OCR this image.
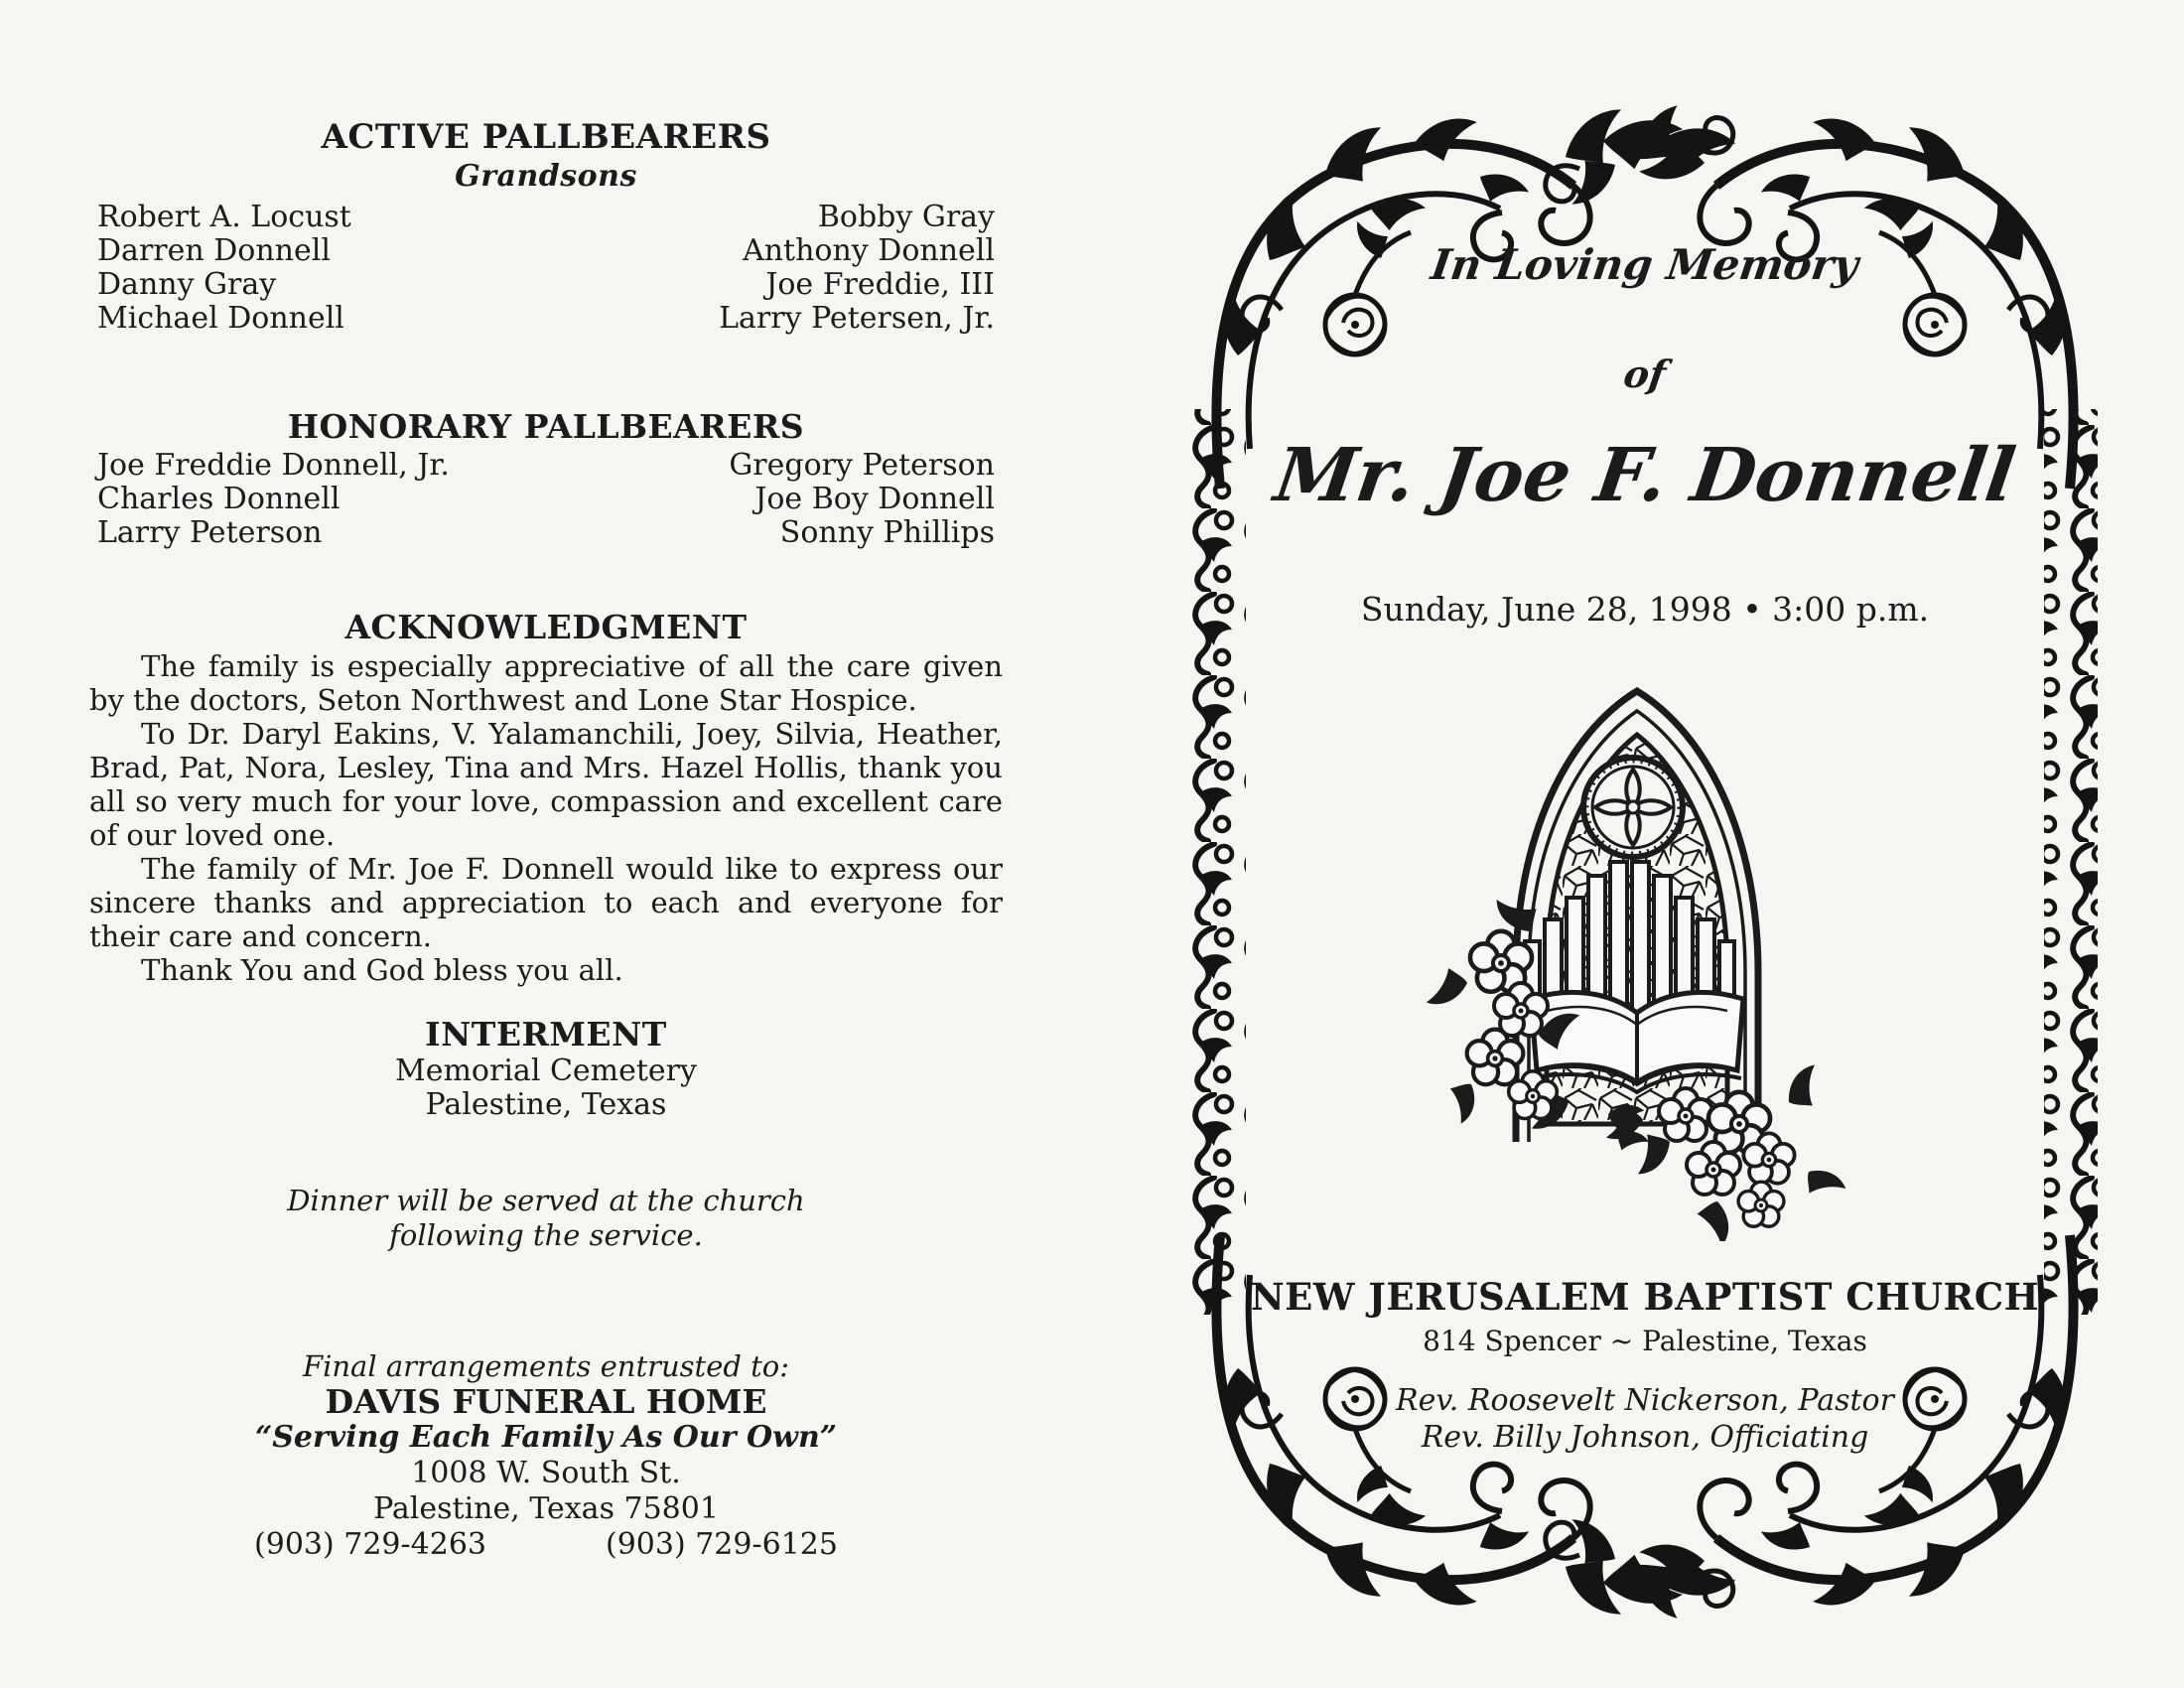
ACTIVE PALLBEARERS
Grandsons
Robert A. Locust
Darren Donnell
Danny Gray
Michael Donnell
Bobby Gray
Anthony Donnell
Joe Freddie, III
Larry Petersen, Jr.
HONORARY PALLBEARERS
Joe Freddie Donnell, Jr.
Charles Donnell
Larry Peterson
Gregory Peterson
Joe Boy Donnell
Sonny Phillips
ACKNOWLEDGMENT

The family is especially appreciative of all the care given by the doctors, Seton Northwest and Lone Star Hospice.

To Dr. Daryl Eakins, V. Yalamanchili, Joey, Silvia, Heather, Brad, Pat, Nora, Lesley, Tina and Mrs. Hazel Hollis, thank you all so very much for your love, compassion and excellent care of our loved one.

The family of Mr. Joe F. Donnell would like to express our sincere thanks and appreciation to each and everyone for their care and concern.

Thank You and God bless you all.

INTERMENT
Memorial Cemetery
Palestine, Texas
Dinner will be served at the church following the service.
Final arrangements entrusted to:
DAVIS FUNERAL HOME
“Serving Each Family As Our Own”
1008 W. South St.
Palestine, Texas 75801
(903) 729-4263	(903) 729-6125
In Loving Memory
of
Mr. Joe F. Donnell
Sunday, June 28, 1998 • 3:00 p.m.
NEW JERUSALEM BAPTIST CHURCH
814 Spencer ~ Palestine, Texas
Rev. Roosevelt Nickerson, Pastor
Rev. Billy Johnson, Officiating
